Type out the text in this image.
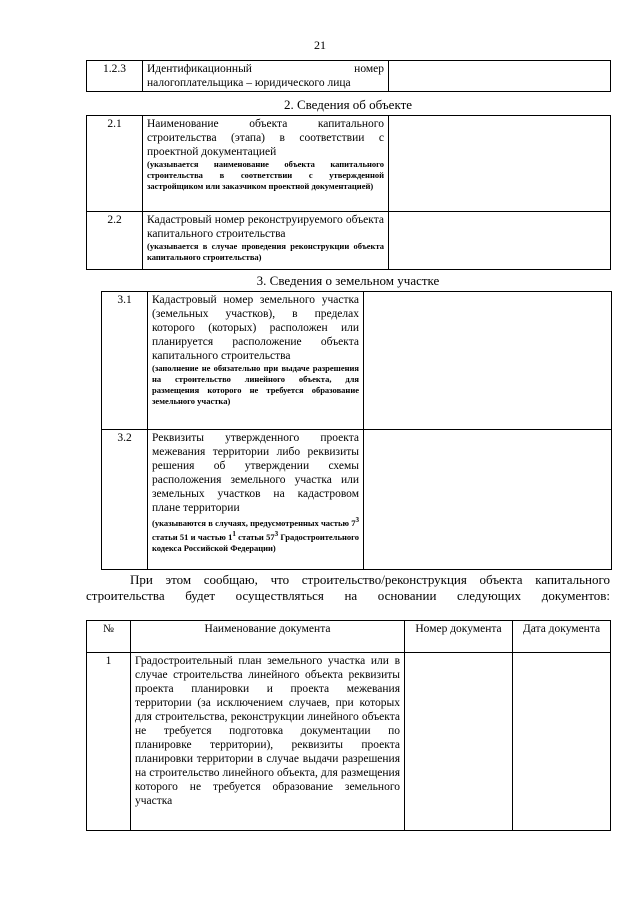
21
1.2.3	Идентификационный номер
налогоплательщика – юридического лица

2. Сведения об объекте
2.1	Наименование объекта капитального строительства (этапа) в соответствии с проектной документацией
(указывается наименование объекта капитального строительства в соответствии с утвержденной застройщиком или заказчиком проектной документацией)	

2.2	Кадастровый номер реконструируемого объекта капитального строительства
(указывается в случае проведения реконструкции объекта капитального строительства)	

3. Сведения о земельном участке
3.1	Кадастровый номер земельного участка (земельных участков), в пределах которого (которых) расположен или планируется расположение объекта капитального строительства
(заполнение не обязательно при выдаче разрешения на строительство линейного объекта, для размещения которого не требуется образование земельного участка)	

3.2	Реквизиты утвержденного проекта межевания территории либо реквизиты решения об утверждении схемы расположения земельного участка или земельных участков на кадастровом плане территории
(указываются в случаях, предусмотренных частью $7^3$ статьи 51 и частью $1^1$ статьи $57^3$ Градостроительного кодекса Российской Федерации)	

При этом сообщаю, что строительство/реконструкция объекта капитального строительства будет осуществляться на основании следующих документов:
№	Наименование документа	Номер документа	Дата документа
1	Градостроительный план земельного участка или в случае строительства линейного объекта реквизиты проекта планировки и проекта межевания территории (за исключением случаев, при которых для строительства, реконструкции линейного объекта не требуется подготовка документации по планировке территории), реквизиты проекта планировки территории в случае выдачи разрешения на строительство линейного объекта, для размещения которого не требуется образование земельного участка		
